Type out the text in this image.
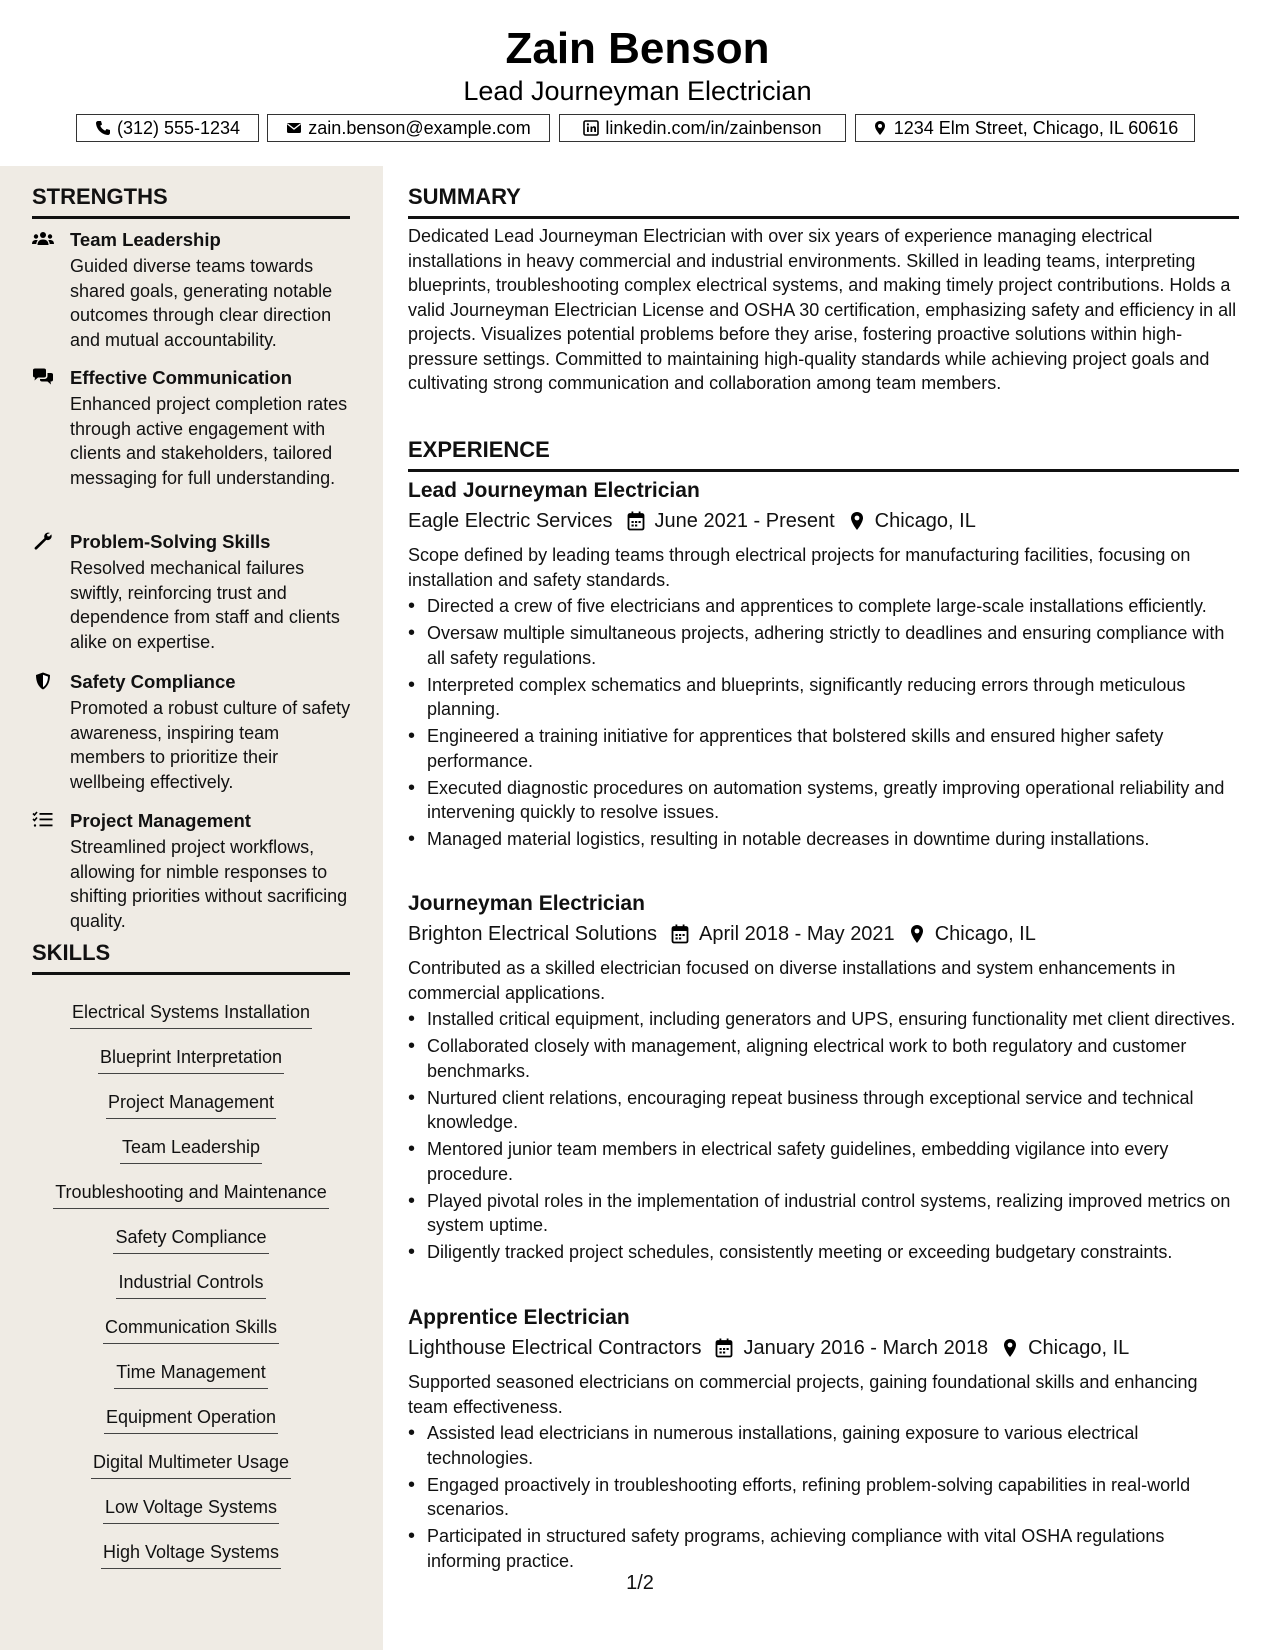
Zain Benson
Lead Journeyman Electrician
(312) 555-1234	zain.benson@example.com	linkedin.com/in/zainbenson	1234 Elm Street, Chicago, IL 60616
STRENGTHS
Team Leadership
Guided diverse teams towards shared goals, generating notable outcomes through clear direction and mutual accountability.
Effective Communication
Enhanced project completion rates through active engagement with clients and stakeholders, tailored messaging for full understanding.
Problem-Solving Skills
Resolved mechanical failures swiftly, reinforcing trust and dependence from staff and clients alike on expertise.
Safety Compliance
Promoted a robust culture of safety awareness, inspiring team members to prioritize their wellbeing effectively.
Project Management
Streamlined project workflows, allowing for nimble responses to shifting priorities without sacrificing quality.
SKILLS
Electrical Systems Installation
Blueprint Interpretation
Project Management
Team Leadership
Troubleshooting and Maintenance
Safety Compliance
Industrial Controls
Communication Skills
Time Management
Equipment Operation
Digital Multimeter Usage
Low Voltage Systems
High Voltage Systems
SUMMARY
Dedicated Lead Journeyman Electrician with over six years of experience managing electrical installations in heavy commercial and industrial environments. Skilled in leading teams, interpreting blueprints, troubleshooting complex electrical systems, and making timely project contributions. Holds a valid Journeyman Electrician License and OSHA 30 certification, emphasizing safety and efficiency in all projects. Visualizes potential problems before they arise, fostering proactive solutions within high-pressure settings. Committed to maintaining high-quality standards while achieving project goals and cultivating strong communication and collaboration among team members.
EXPERIENCE
Lead Journeyman Electrician
Eagle Electric Services June 2021 - Present Chicago, IL
Scope defined by leading teams through electrical projects for manufacturing facilities, focusing on installation and safety standards.
• Directed a crew of five electricians and apprentices to complete large-scale installations efficiently.
• Oversaw multiple simultaneous projects, adhering strictly to deadlines and ensuring compliance with all safety regulations.
• Interpreted complex schematics and blueprints, significantly reducing errors through meticulous planning.
• Engineered a training initiative for apprentices that bolstered skills and ensured higher safety performance.
• Executed diagnostic procedures on automation systems, greatly improving operational reliability and intervening quickly to resolve issues.
• Managed material logistics, resulting in notable decreases in downtime during installations.
Journeyman Electrician
Brighton Electrical Solutions April 2018 - May 2021 Chicago, IL
Contributed as a skilled electrician focused on diverse installations and system enhancements in commercial applications.
• Installed critical equipment, including generators and UPS, ensuring functionality met client directives.
• Collaborated closely with management, aligning electrical work to both regulatory and customer benchmarks.
• Nurtured client relations, encouraging repeat business through exceptional service and technical knowledge.
• Mentored junior team members in electrical safety guidelines, embedding vigilance into every procedure.
• Played pivotal roles in the implementation of industrial control systems, realizing improved metrics on system uptime.
• Diligently tracked project schedules, consistently meeting or exceeding budgetary constraints.
Apprentice Electrician
Lighthouse Electrical Contractors January 2016 - March 2018 Chicago, IL
Supported seasoned electricians on commercial projects, gaining foundational skills and enhancing team effectiveness.
• Assisted lead electricians in numerous installations, gaining exposure to various electrical technologies.
• Engaged proactively in troubleshooting efforts, refining problem-solving capabilities in real-world scenarios.
• Participated in structured safety programs, achieving compliance with vital OSHA regulations informing practice.
1/2
